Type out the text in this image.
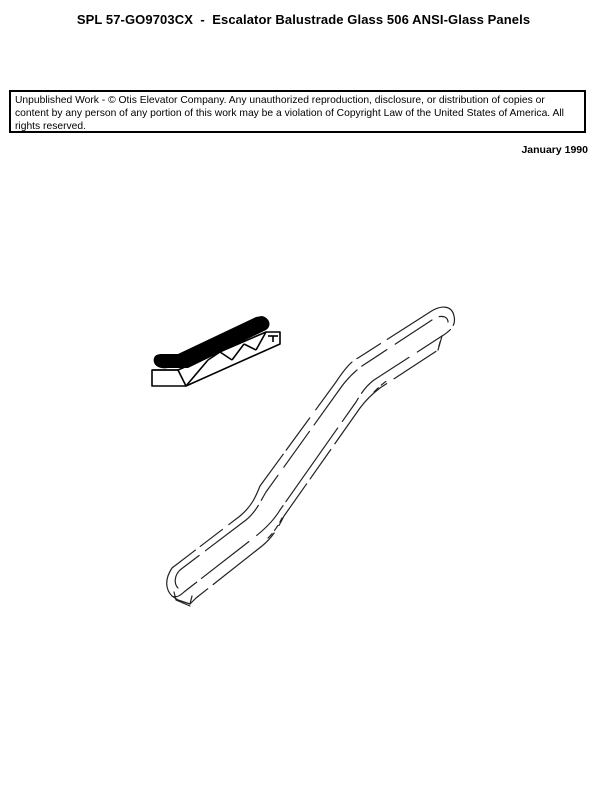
SPL 57-GO9703CX  -  Escalator Balustrade Glass 506 ANSI-Glass Panels
Unpublished Work - © Otis Elevator Company. Any unauthorized reproduction, disclosure, or distribution of copies or content by any person of any portion of this work may be a violation of Copyright Law of the United States of America. All rights reserved.
January 1990
